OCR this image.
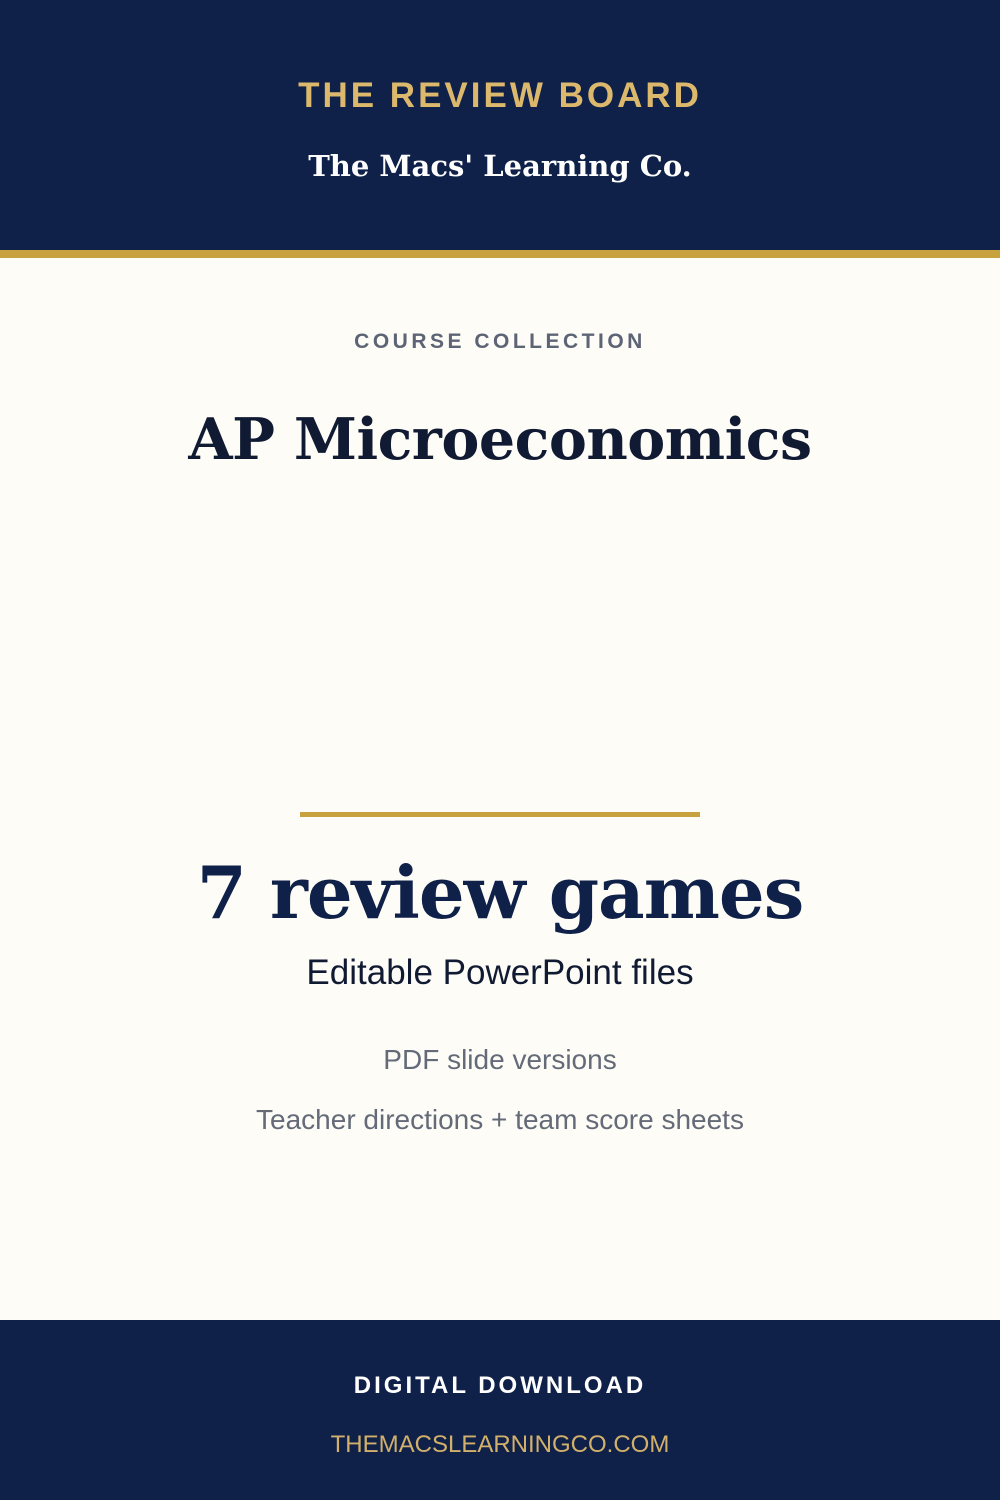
THE REVIEW BOARD
The Macs' Learning Co.
COURSE COLLECTION
AP Microeconomics
7 review games
Editable PowerPoint files
PDF slide versions
Teacher directions + team score sheets
DIGITAL DOWNLOAD
THEMACSLEARNINGCO.COM
